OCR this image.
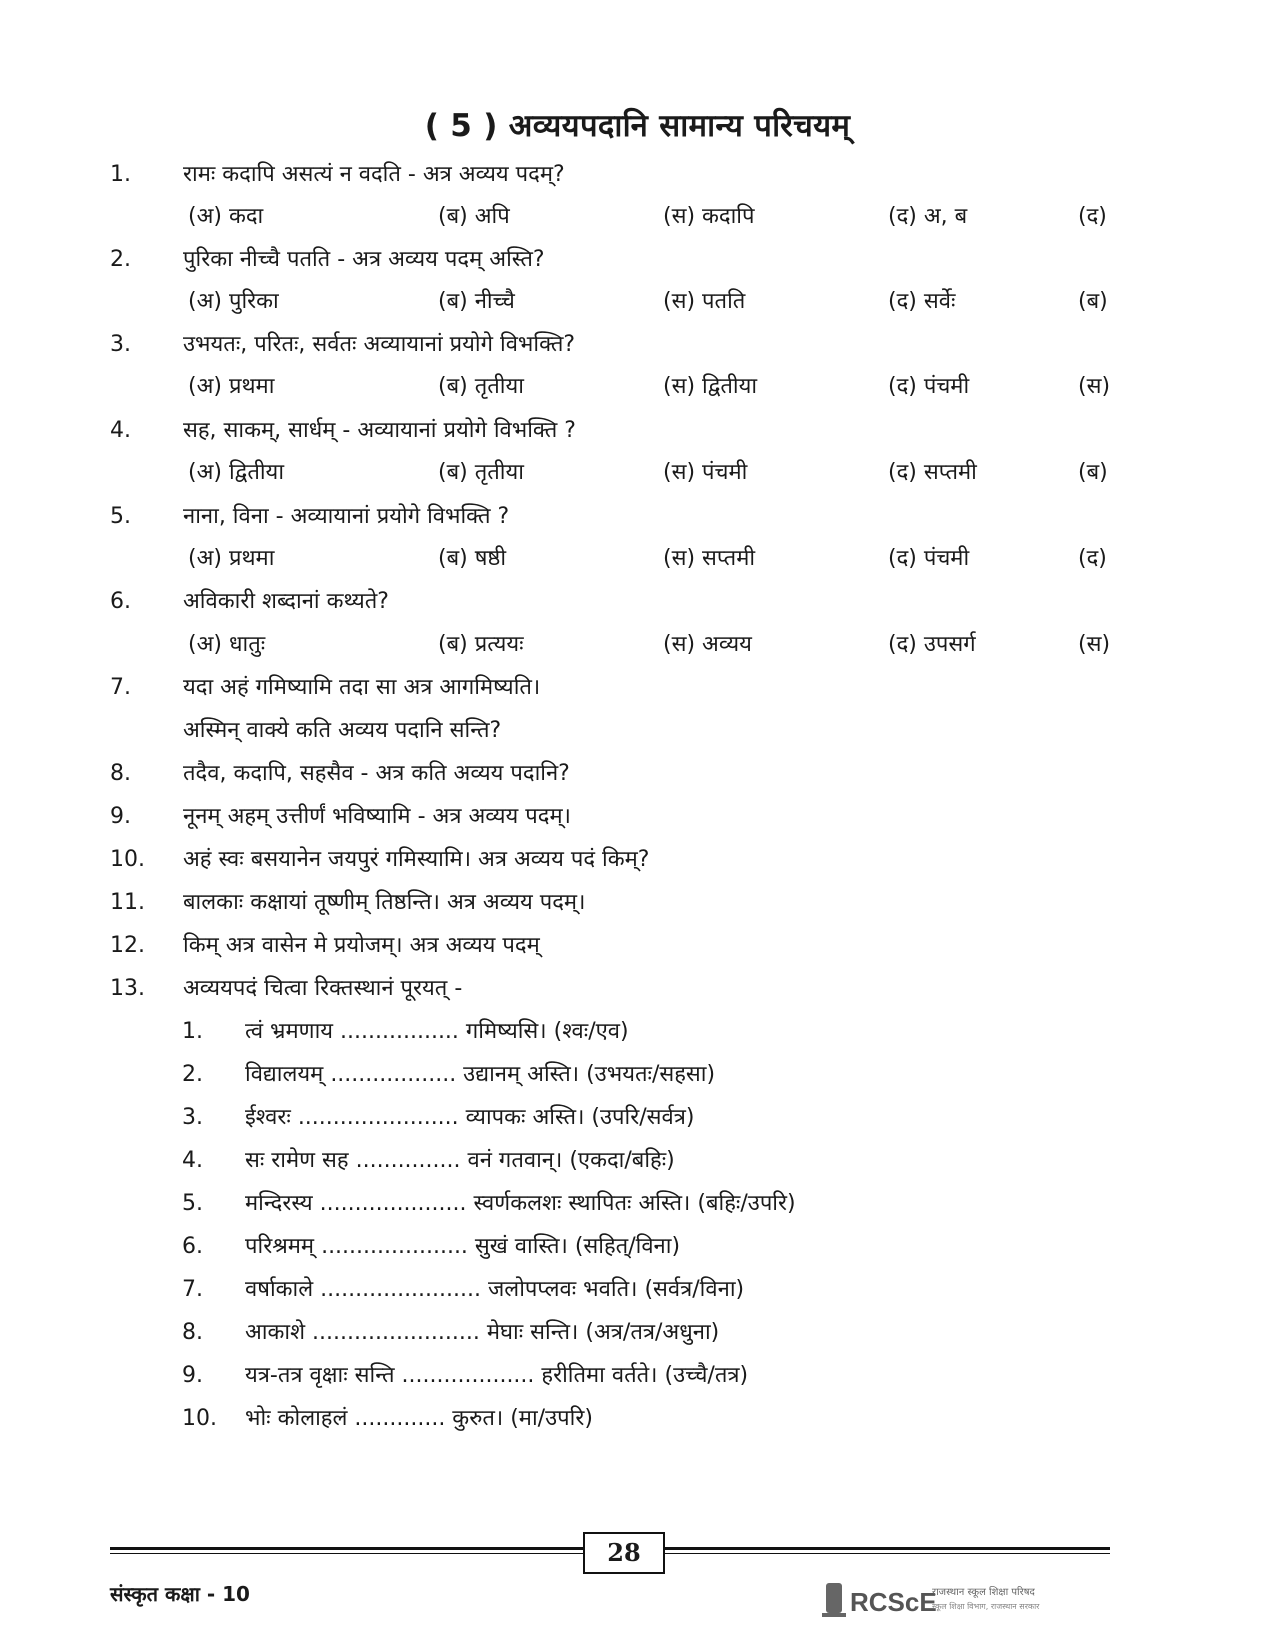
( 5 ) अव्ययपदानि सामान्य परिचयम्
1.	रामः कदापि असत्यं न वदति - अत्र अव्यय पदम्?
(अ) कदा	(ब) अपि	(स) कदापि	(द) अ, ब	(द)
2.	पुरिका नीच्चै पतति - अत्र अव्यय पदम् अस्ति?
(अ) पुरिका	(ब) नीच्चै	(स) पतति	(द) सर्वेः	(ब)
3.	उभयतः, परितः, सर्वतः अव्यायानां प्रयोगे विभक्ति?
(अ) प्रथमा	(ब) तृतीया	(स) द्वितीया	(द) पंचमी	(स)
4.	सह, साकम्, सार्धम् - अव्यायानां प्रयोगे विभक्ति ?
(अ) द्वितीया	(ब) तृतीया	(स) पंचमी	(द) सप्तमी	(ब)
5.	नाना, विना - अव्यायानां प्रयोगे विभक्ति ?
(अ) प्रथमा	(ब) षष्ठी	(स) सप्तमी	(द) पंचमी	(द)
6.	अविकारी शब्दानां कथ्यते?
(अ) धातुः	(ब) प्रत्ययः	(स) अव्यय	(द) उपसर्ग	(स)
7.	यदा अहं गमिष्यामि तदा सा अत्र आगमिष्यति।
अस्मिन् वाक्ये कति अव्यय पदानि सन्ति?
8.	तदैव, कदापि, सहसैव - अत्र कति अव्यय पदानि?
9.	नूनम् अहम् उत्तीर्णं भविष्यामि - अत्र अव्यय पदम्।
10.	अहं स्वः बसयानेन जयपुरं गमिस्यामि। अत्र अव्यय पदं किम्?
11.	बालकाः कक्षायां तूष्णीम् तिष्ठन्ति। अत्र अव्यय पदम्।
12.	किम् अत्र वासेन मे प्रयोजम्। अत्र अव्यय पदम्
13.	अव्ययपदं चित्वा रिक्तस्थानं पूरयत् -
1. त्वं भ्रमणाय ................. गमिष्यसि। (श्वः/एव)
2. विद्यालयम् .................. उद्यानम् अस्ति। (उभयतः/सहसा)
3. ईश्वरः ....................... व्यापकः अस्ति। (उपरि/सर्वत्र)
4. सः रामेण सह ............... वनं गतवान्। (एकदा/बहिः)
5. मन्दिरस्य ..................... स्वर्णकलशः स्थापितः अस्ति। (बहिः/उपरि)
6. परिश्रमम् ..................... सुखं वास्ति। (सहित्/विना)
7. वर्षाकाले ....................... जलोपप्लवः भवति। (सर्वत्र/विना)
8. आकाशे ........................ मेघाः सन्ति। (अत्र/तत्र/अधुना)
9. यत्र-तत्र वृक्षाः सन्ति ................... हरीतिमा वर्तते। (उच्चै/तत्र)
10. भोः कोलाहलं ............. कुरुत। (मा/उपरि)
28
संस्कृत कक्षा - 10	RCScE
राजस्थान स्कूल शिक्षा परिषद
स्कूल शिक्षा विभाग, राजस्थान सरकार
